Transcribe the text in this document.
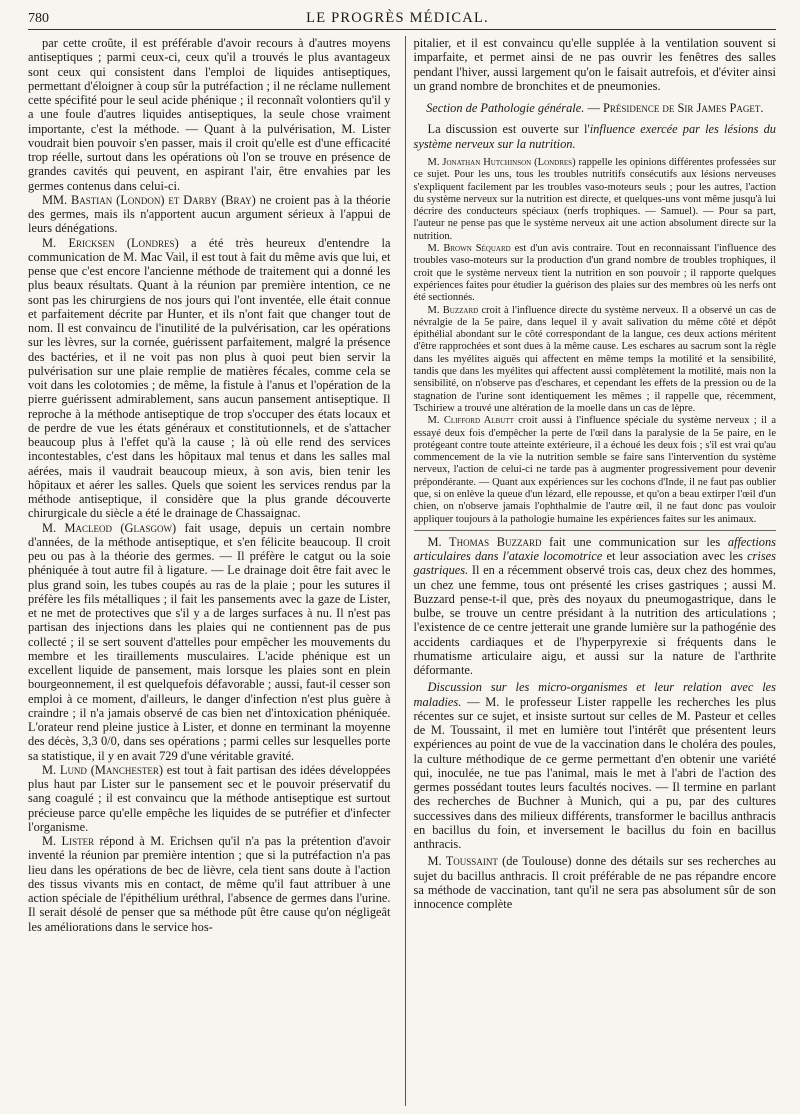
780	LE PROGRÈS MÉDICAL.

par cette croûte, il est préférable d'avoir recours à d'autres moyens antiseptiques ; parmi ceux-ci, ceux qu'il a trouvés le plus avantageux sont ceux qui consistent dans l'emploi de liquides antiseptiques, permettant d'éloigner à coup sûr la putréfaction ; il ne réclame nullement cette spécifité pour le seul acide phénique ; il reconnaît volontiers qu'il y a une foule d'autres liquides antiseptiques, la seule chose vraiment importante, c'est la méthode. — Quant à la pulvérisation, M. Lister voudrait bien pouvoir s'en passer, mais il croit qu'elle est d'une efficacité trop réelle, surtout dans les opérations où l'on se trouve en présence de grandes cavités qui peuvent, en aspirant l'air, être envahies par les germes contenus dans celui-ci.

MM. Bastian (London) et Darby (Bray) ne croient pas à la théorie des germes, mais ils n'apportent aucun argument sérieux à l'appui de leurs dénégations.

M. Ericksen (Londres) a été très heureux d'entendre la communication de M. Mac Vail, il est tout à fait du même avis que lui, et pense que c'est encore l'ancienne méthode de traitement qui a donné les plus beaux résultats. Quant à la réunion par première intention, ce ne sont pas les chirurgiens de nos jours qui l'ont inventée, elle était connue et parfaitement décrite par Hunter, et ils n'ont fait que changer tout de nom. Il est convaincu de l'inutilité de la pulvérisation, car les opérations sur les lèvres, sur la cornée, guérissent parfaitement, malgré la présence des bactéries, et il ne voit pas non plus à quoi peut bien servir la pulvérisation sur une plaie remplie de matières fécales, comme cela se voit dans les colotomies ; de même, la fistule à l'anus et l'opération de la pierre guérissent admirablement, sans aucun pansement antiseptique. Il reproche à la méthode antiseptique de trop s'occuper des états locaux et de perdre de vue les états généraux et constitutionnels, et de s'attacher beaucoup plus à l'effet qu'à la cause ; là où elle rend des services incontestables, c'est dans les hôpitaux mal tenus et dans les salles mal aérées, mais il vaudrait beaucoup mieux, à son avis, bien tenir les hôpitaux et aérer les salles. Quels que soient les services rendus par la méthode antiseptique, il considère que la plus grande découverte chirurgicale du siècle a été le drainage de Chassaignac.

M. Macleod (Glasgow) fait usage, depuis un certain nombre d'années, de la méthode antiseptique, et s'en félicite beaucoup. Il croit peu ou pas à la théorie des germes. — Il préfère le catgut ou la soie phéniquée à tout autre fil à ligature. — Le drainage doit être fait avec le plus grand soin, les tubes coupés au ras de la plaie ; pour les sutures il préfère les fils métalliques ; il fait les pansements avec la gaze de Lister, et ne met de protectives que s'il y a de larges surfaces à nu. Il n'est pas partisan des injections dans les plaies qui ne contiennent pas de pus collecté ; il se sert souvent d'attelles pour empêcher les mouvements du membre et les tiraillements musculaires. L'acide phénique est un excellent liquide de pansement, mais lorsque les plaies sont en plein bourgeonnement, il est quelquefois défavorable ; aussi, faut-il cesser son emploi à ce moment, d'ailleurs, le danger d'infection n'est plus guère à craindre ; il n'a jamais observé de cas bien net d'intoxication phéniquée. L'orateur rend pleine justice à Lister, et donne en terminant la moyenne des décès, 3,3 0/0, dans ses opérations ; parmi celles sur lesquelles porte sa statistique, il y en avait 729 d'une véritable gravité.

M. Lund (Manchester) est tout à fait partisan des idées développées plus haut par Lister sur le pansement sec et le pouvoir préservatif du sang coagulé ; il est convaincu que la méthode antiseptique est surtout précieuse parce qu'elle empêche les liquides de se putréfier et d'infecter l'organisme.

M. Lister répond à M. Erichsen qu'il n'a pas la prétention d'avoir inventé la réunion par première intention ; que si la putréfaction n'a pas lieu dans les opérations de bec de lièvre, cela tient sans doute à l'action des tissus vivants mis en contact, de même qu'il faut attribuer à une action spéciale de l'épithélium uréthral, l'absence de germes dans l'urine. Il serait désolé de penser que sa méthode pût être cause qu'on négligeât les améliorations dans le service hos-

pitalier, et il est convaincu qu'elle supplée à la ventilation souvent si imparfaite, et permet ainsi de ne pas ouvrir les fenêtres des salles pendant l'hiver, aussi largement qu'on le faisait autrefois, et d'éviter ainsi un grand nombre de bronchites et de pneumonies.

Section de Pathologie générale. — Présidence de Sir James Paget.

La discussion est ouverte sur l'influence exercée par les lésions du système nerveux sur la nutrition.

M. Jonathan Hutchinson (Londres) rappelle les opinions différentes professées sur ce sujet. Pour les uns, tous les troubles nutritifs consécutifs aux lésions nerveuses s'expliquent facilement par les troubles vaso-moteurs seuls ; pour les autres, l'action du système nerveux sur la nutrition est directe, et quelques-uns vont même jusqu'à lui décrire des conducteurs spéciaux (nerfs trophiques. — Samuel). — Pour sa part, l'auteur ne pense pas que le système nerveux ait une action absolument directe sur la nutrition.

M. Brown Séquard est d'un avis contraire. Tout en reconnaissant l'influence des troubles vaso-moteurs sur la production d'un grand nombre de troubles trophiques, il croit que le système nerveux tient la nutrition en son pouvoir ; il rapporte quelques expériences faites pour étudier la guérison des plaies sur des membres où les nerfs ont été sectionnés.

M. Buzzard croit à l'influence directe du système nerveux. Il a observé un cas de névralgie de la 5e paire, dans lequel il y avait salivation du même côté et dépôt épithélial abondant sur le côté correspondant de la langue, ces deux actions méritent d'être rapprochées et sont dues à la même cause. Les eschares au sacrum sont la règle dans les myélites aiguës qui affectent en même temps la motilité et la sensibilité, tandis que dans les myélites qui affectent aussi complètement la motilité, mais non la sensibilité, on n'observe pas d'eschares, et cependant les effets de la pression ou de la stagnation de l'urine sont identiquement les mêmes ; il rappelle que, récemment, Tschiriew a trouvé une altération de la moelle dans un cas de lèpre.

M. Clifford Albutt croit aussi à l'influence spéciale du système nerveux ; il a essayé deux fois d'empêcher la perte de l'œil dans la paralysie de la 5e paire, en le protégeant contre toute atteinte extérieure, il a échoué les deux fois ; s'il est vrai qu'au commencement de la vie la nutrition semble se faire sans l'intervention du système nerveux, l'action de celui-ci ne tarde pas à augmenter progressivement pour devenir prépondérante. — Quant aux expériences sur les cochons d'Inde, il ne faut pas oublier que, si on enlève la queue d'un lézard, elle repousse, et qu'on a beau extirper l'œil d'un chien, on n'observe jamais l'ophthalmie de l'autre œil, il ne faut donc pas vouloir appliquer toujours à la pathologie humaine les expériences faites sur les animaux.

M. Thomas Buzzard fait une communication sur les affections articulaires dans l'ataxie locomotrice et leur association avec les crises gastriques. Il en a récemment observé trois cas, deux chez des hommes, un chez une femme, tous ont présenté les crises gastriques ; aussi M. Buzzard pense-t-il que, près des noyaux du pneumogastrique, dans le bulbe, se trouve un centre présidant à la nutrition des articulations ; l'existence de ce centre jetterait une grande lumière sur la pathogénie des accidents cardiaques et de l'hyperpyrexie si fréquents dans le rhumatisme articulaire aigu, et aussi sur la nature de l'arthrite déformante.

Discussion sur les micro-organismes et leur relation avec les maladies. — M. le professeur Lister rappelle les recherches les plus récentes sur ce sujet, et insiste surtout sur celles de M. Pasteur et celles de M. Toussaint, il met en lumière tout l'intérêt que présentent leurs expériences au point de vue de la vaccination dans le choléra des poules, la culture méthodique de ce germe permettant d'en obtenir une variété qui, inoculée, ne tue pas l'animal, mais le met à l'abri de l'action des germes possédant toutes leurs facultés nocives. — Il termine en parlant des recherches de Buchner à Munich, qui a pu, par des cultures successives dans des milieux différents, transformer le bacillus anthracis en bacillus du foin, et inversement le bacillus du foin en bacillus anthracis.

M. Toussaint (de Toulouse) donne des détails sur ses recherches au sujet du bacillus anthracis. Il croit préférable de ne pas répandre encore sa méthode de vaccination, tant qu'il ne sera pas absolument sûr de son innocence complète
